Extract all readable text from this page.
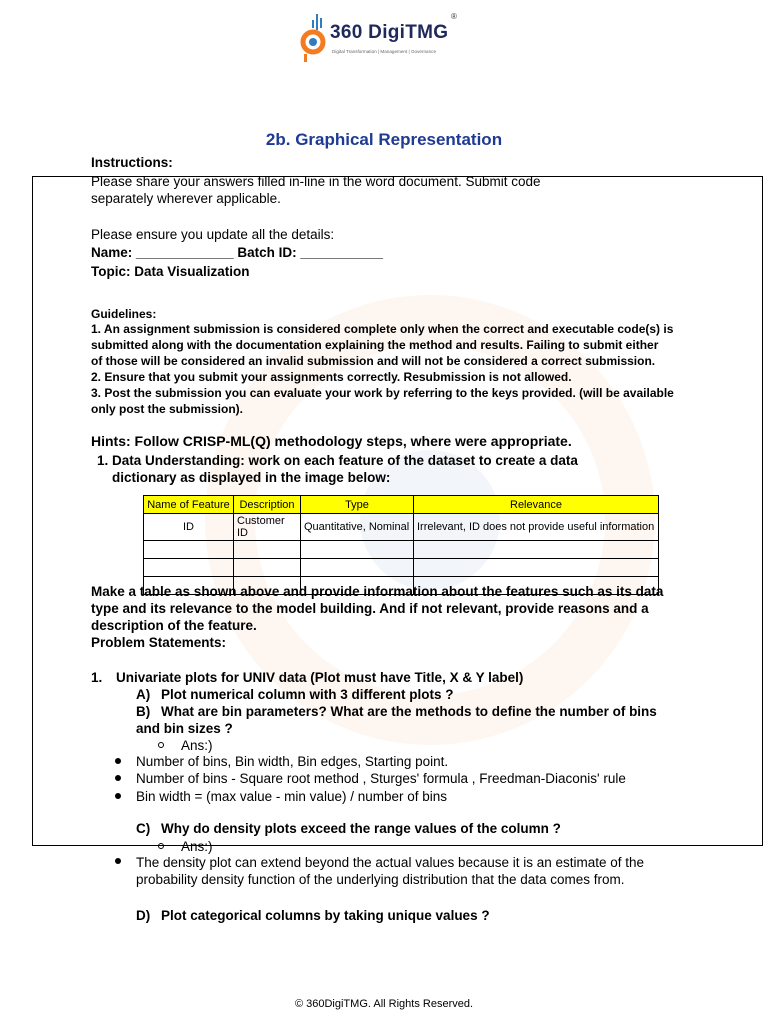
360 DigiTMG
Digital Transformation | Management | Governance
®
2b. Graphical Representation
Instructions:
Please share your answers filled in-line in the word document. Submit code
separately wherever applicable.
Please ensure you update all the details:
Name: _____________ Batch ID: ___________
Topic: Data Visualization
Guidelines:
1. An assignment submission is considered complete only when the correct and executable code(s) is
submitted along with the documentation explaining the method and results. Failing to submit either
of those will be considered an invalid submission and will not be considered a correct submission.
2. Ensure that you submit your assignments correctly. Resubmission is not allowed.
3. Post the submission you can evaluate your work by referring to the keys provided. (will be available
only post the submission).
Hints: Follow CRISP-ML(Q) methodology steps, where were appropriate.
1. Data Understanding: work on each feature of the dataset to create a data
dictionary as displayed in the image below:
Name of Feature	Description	Type	Relevance
ID	Customer ID	Quantitative, Nominal	Irrelevant, ID does not provide useful information

Make a table as shown above and provide information about the features such as its data
type and its relevance to the model building. And if not relevant, provide reasons and a
description of the feature.
Problem Statements:
1. Univariate plots for UNIV data (Plot must have Title, X & Y label)
A) Plot numerical column with 3 different plots ?
B) What are bin parameters? What are the methods to define the number of bins
and bin sizes ?
Ans:)
Number of bins, Bin width, Bin edges, Starting point.
Number of bins - Square root method , Sturges' formula , Freedman-Diaconis' rule
Bin width = (max value - min value) / number of bins
C) Why do density plots exceed the range values of the column ?
Ans:)
The density plot can extend beyond the actual values because it is an estimate of the
probability density function of the underlying distribution that the data comes from.
D) Plot categorical columns by taking unique values ?
© 360DigiTMG. All Rights Reserved.
